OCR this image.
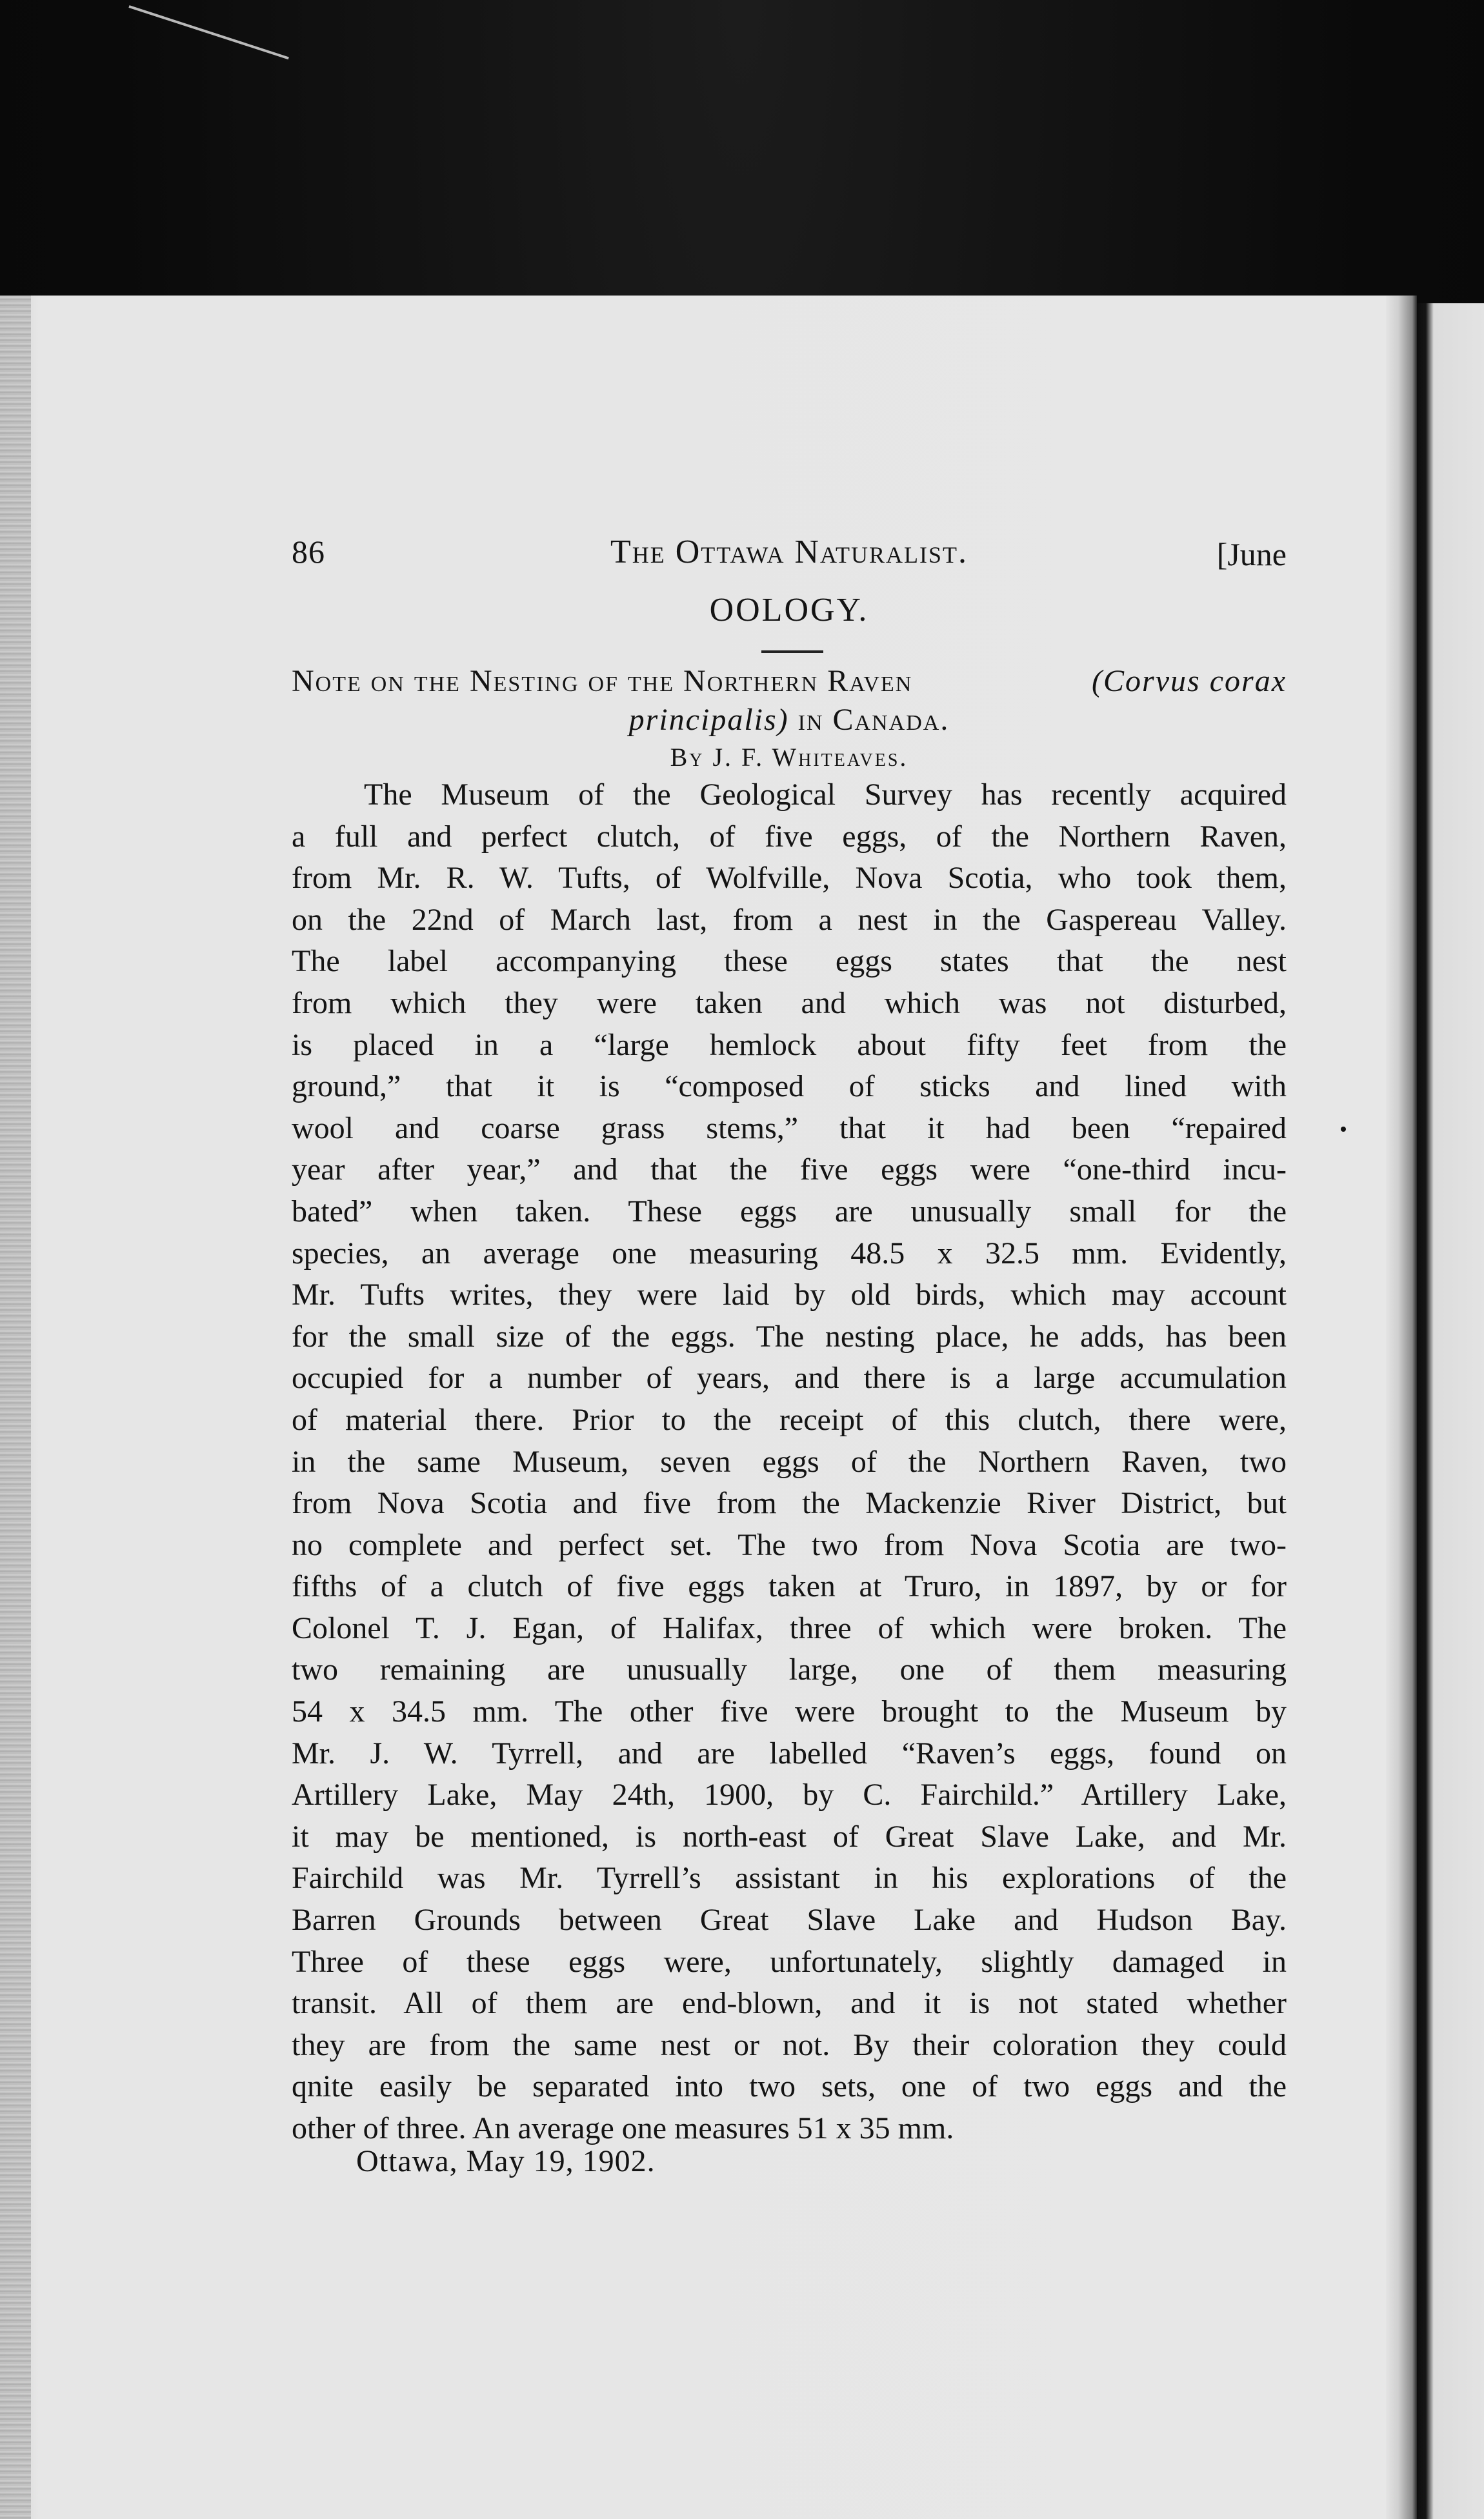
86	The Ottawa Naturalist.	[June
OOLOGY.
Note on the Nesting of the Northern Raven	(Corvus corax
principalis) in Canada.
By J. F. Whiteaves.
The Museum of the Geological Survey has recently acquired
a full and perfect clutch, of five eggs, of the Northern Raven,
from Mr. R. W. Tufts, of Wolfville, Nova Scotia, who took them,
on the 22nd of March last, from a nest in the Gaspereau Valley.
The label accompanying these eggs states that the nest
from which they were taken and which was not disturbed,
is placed in a “large hemlock about fifty feet from the
ground,” that it is “composed of sticks and lined with
wool and coarse grass stems,” that it had been “repaired
year after year,” and that the five eggs were “one-third incu-
bated” when taken. These eggs are unusually small for the
species, an average one measuring 48.5 x 32.5 mm. Evidently,
Mr. Tufts writes, they were laid by old birds, which may account
for the small size of the eggs. The nesting place, he adds, has been
occupied for a number of years, and there is a large accumulation
of material there. Prior to the receipt of this clutch, there were,
in the same Museum, seven eggs of the Northern Raven, two
from Nova Scotia and five from the Mackenzie River District, but
no complete and perfect set. The two from Nova Scotia are two-
fifths of a clutch of five eggs taken at Truro, in 1897, by or for
Colonel T. J. Egan, of Halifax, three of which were broken. The
two remaining are unusually large, one of them measuring
54 x 34.5 mm. The other five were brought to the Museum by
Mr. J. W. Tyrrell, and are labelled “Raven’s eggs, found on
Artillery Lake, May 24th, 1900, by C. Fairchild.” Artillery Lake,
it may be mentioned, is north-east of Great Slave Lake, and Mr.
Fairchild was Mr. Tyrrell’s assistant in his explorations of the
Barren Grounds between Great Slave Lake and Hudson Bay.
Three of these eggs were, unfortunately, slightly damaged in
transit. All of them are end-blown, and it is not stated whether
they are from the same nest or not. By their coloration they could
qnite easily be separated into two sets, one of two eggs and the
other of three. An average one measures 51 x 35 mm.
Ottawa, May 19, 1902.
